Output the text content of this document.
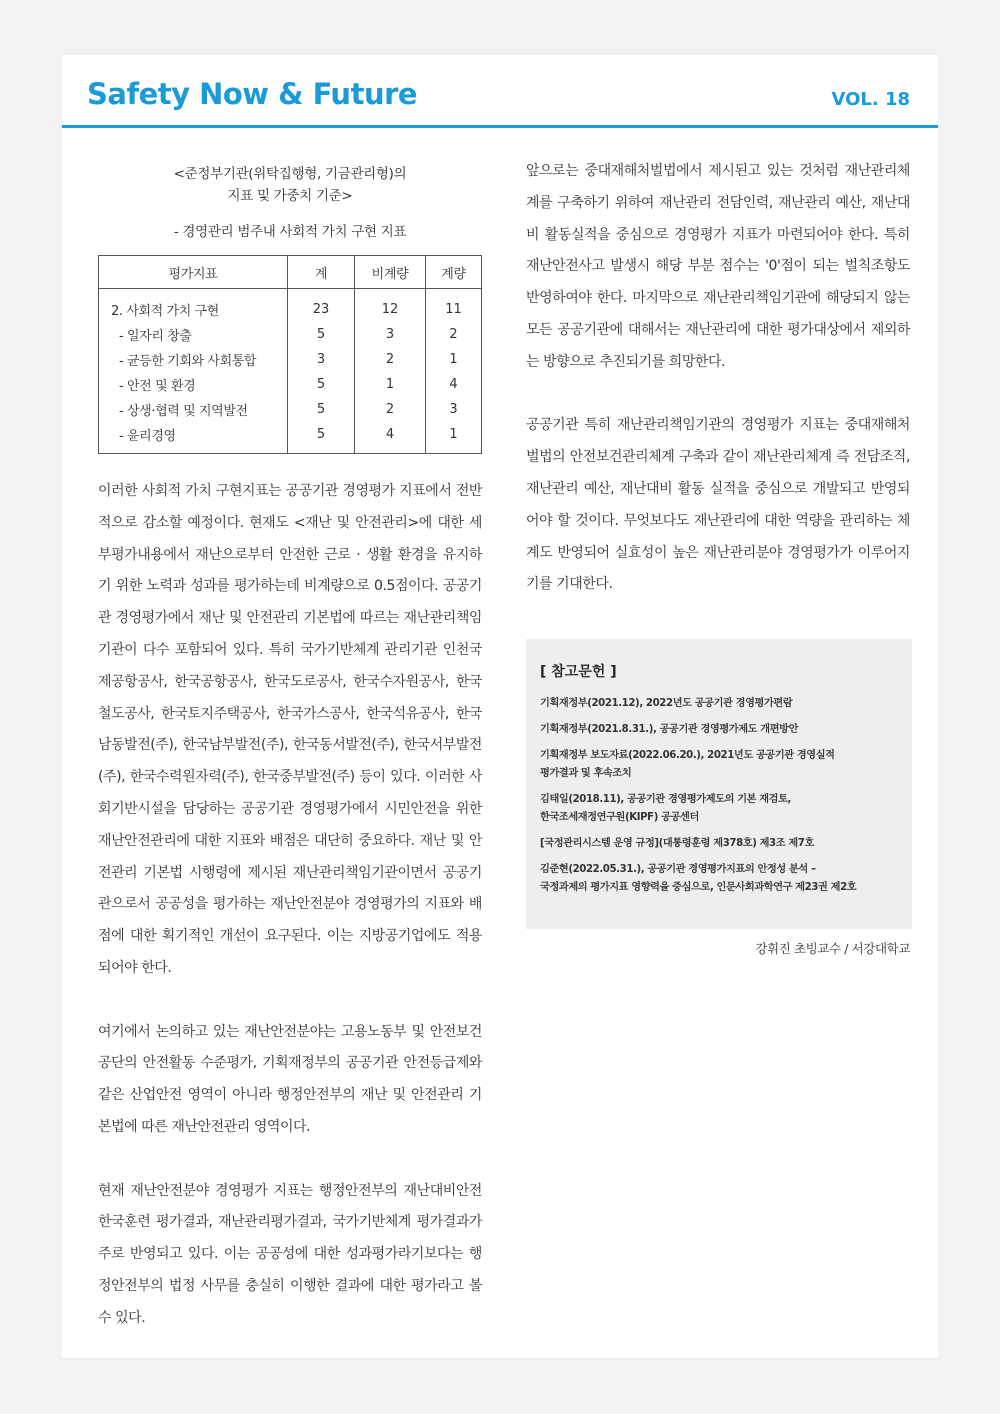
Safety Now & Future	VOL. 18
<준정부기관(위탁집행형, 기금관리형)의
지표 및 가중치 기준>
- 경영관리 범주내 사회적 가치 구현 지표
평가지표	계	비계량	계량
2. 사회적 가치 구현	23	12	11
- 일자리 창출	5	3	2
- 균등한 기회와 사회통합	3	2	1
- 안전 및 환경	5	1	4
- 상생·협력 및 지역발전	5	2	3
- 윤리경영	5	4	1

이러한 사회적 가치 구현지표는 공공기관 경영평가 지표에서 전반적으로 감소할 예정이다. 현재도 <재난 및 안전관리>에 대한 세부평가내용에서 재난으로부터 안전한 근로 · 생활 환경을 유지하기 위한 노력과 성과를 평가하는데 비계량으로 0.5점이다. 공공기관 경영평가에서 재난 및 안전관리 기본법에 따르는 재난관리책임기관이 다수 포함되어 있다. 특히 국가기반체계 관리기관 인천국제공항공사, 한국공항공사, 한국도로공사, 한국수자원공사, 한국철도공사, 한국토지주택공사, 한국가스공사, 한국석유공사, 한국남동발전(주), 한국남부발전(주), 한국동서발전(주), 한국서부발전(주), 한국수력원자력(주), 한국중부발전(주) 등이 있다. 이러한 사회기반시설을 담당하는 공공기관 경영평가에서 시민안전을 위한 재난안전관리에 대한 지표와 배점은 대단히 중요하다. 재난 및 안전관리 기본법 시행령에 제시된 재난관리책임기관이면서 공공기관으로서 공공성을 평가하는 재난안전분야 경영평가의 지표와 배점에 대한 획기적인 개선이 요구된다. 이는 지방공기업에도 적용되어야 한다.

여기에서 논의하고 있는 재난안전분야는 고용노동부 및 안전보건공단의 안전활동 수준평가, 기획재정부의 공공기관 안전등급제와 같은 산업안전 영역이 아니라 행정안전부의 재난 및 안전관리 기본법에 따른 재난안전관리 영역이다.

현재 재난안전분야 경영평가 지표는 행정안전부의 재난대비안전한국훈련 평가결과, 재난관리평가결과, 국가기반체계 평가결과가 주로 반영되고 있다. 이는 공공성에 대한 성과평가라기보다는 행정안전부의 법정 사무를 충실히 이행한 결과에 대한 평가라고 볼 수 있다.

앞으로는 중대재해처벌법에서 제시된고 있는 것처럼 재난관리체계를 구축하기 위하여 재난관리 전담인력, 재난관리 예산, 재난대비 활동실적을 중심으로 경영평가 지표가 마련되어야 한다. 특히 재난안전사고 발생시 해당 부분 점수는 '0'점이 되는 벌칙조항도 반영하여야 한다. 마지막으로 재난관리책임기관에 해당되지 않는 모든 공공기관에 대해서는 재난관리에 대한 평가대상에서 제외하는 방향으로 추진되기를 희망한다.

공공기관 특히 재난관리책임기관의 경영평가 지표는 중대재해처벌법의 안전보건관리체계 구축과 같이 재난관리체계 즉 전담조직, 재난관리 예산, 재난대비 활동 실적을 중심으로 개발되고 반영되어야 할 것이다. 무엇보다도 재난관리에 대한 역량을 관리하는 체계도 반영되어 실효성이 높은 재난관리분야 경영평가가 이루어지기를 기대한다.

[ 참고문헌 ]
기획재정부(2021.12), 2022년도 공공기관 경영평가편람
기획재정부(2021.8.31.), 공공기관 경영평가제도 개편방안
기획재정부 보도자료(2022.06.20.), 2021년도 공공기관 경영실적
평가결과 및 후속조치
김태일(2018.11), 공공기관 경영평가제도의 기본 재검토,
한국조세재정연구원(KIPF) 공공센터
[국정관리시스템 운영 규정](대통령훈령 제378호) 제3조 제7호
김준현(2022.05.31.), 공공기관 경영평가지표의 안정성 분석 –
국정과제의 평가지표 영향력을 중심으로, 인문사회과학연구 제23권 제2호
강휘진 초빙교수 / 서강대학교
